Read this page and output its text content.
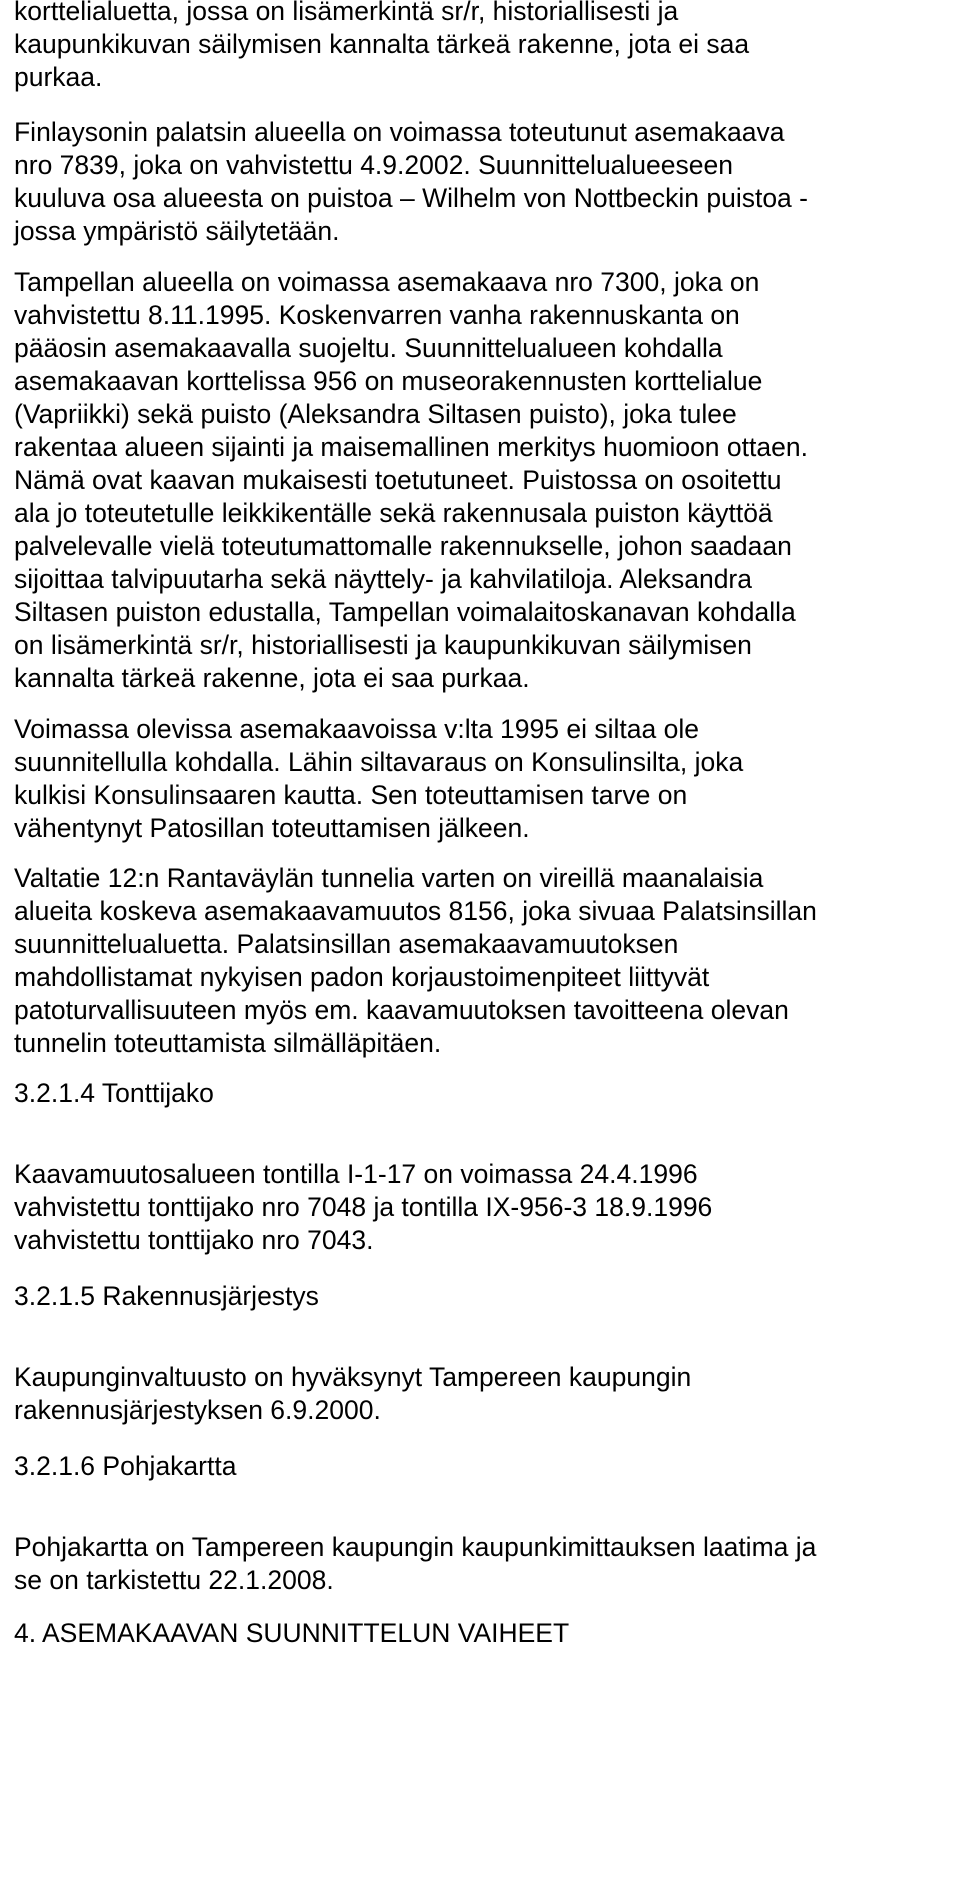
korttelialuetta, jossa on lisämerkintä sr/r, historiallisesti ja
kaupunkikuvan säilymisen kannalta tärkeä rakenne, jota ei saa
purkaa.
Finlaysonin palatsin alueella on voimassa toteutunut asemakaava
nro 7839, joka on vahvistettu 4.9.2002. Suunnittelualueeseen
kuuluva osa alueesta on puistoa – Wilhelm von Nottbeckin puistoa -
jossa ympäristö säilytetään.
Tampellan alueella on voimassa asemakaava nro 7300, joka on
vahvistettu 8.11.1995. Koskenvarren vanha rakennuskanta on
pääosin asemakaavalla suojeltu. Suunnittelualueen kohdalla
asemakaavan korttelissa 956 on museorakennusten korttelialue
(Vapriikki) sekä puisto (Aleksandra Siltasen puisto), joka tulee
rakentaa alueen sijainti ja maisemallinen merkitys huomioon ottaen.
Nämä ovat kaavan mukaisesti toetutuneet. Puistossa on osoitettu
ala jo toteutetulle leikkikentälle sekä rakennusala puiston käyttöä
palvelevalle vielä toteutumattomalle rakennukselle, johon saadaan
sijoittaa talvipuutarha sekä näyttely- ja kahvilatiloja. Aleksandra
Siltasen puiston edustalla, Tampellan voimalaitoskanavan kohdalla
on lisämerkintä sr/r, historiallisesti ja kaupunkikuvan säilymisen
kannalta tärkeä rakenne, jota ei saa purkaa.
Voimassa olevissa asemakaavoissa v:lta 1995 ei siltaa ole
suunnitellulla kohdalla. Lähin siltavaraus on Konsulinsilta, joka
kulkisi Konsulinsaaren kautta. Sen toteuttamisen tarve on
vähentynyt Patosillan toteuttamisen jälkeen.
Valtatie 12:n Rantaväylän tunnelia varten on vireillä maanalaisia
alueita koskeva asemakaavamuutos 8156, joka sivuaa Palatsinsillan
suunnittelualuetta. Palatsinsillan asemakaavamuutoksen
mahdollistamat nykyisen padon korjaustoimenpiteet liittyvät
patoturvallisuuteen myös em. kaavamuutoksen tavoitteena olevan
tunnelin toteuttamista silmälläpitäen.
3.2.1.4 Tonttijako
Kaavamuutosalueen tontilla I-1-17 on voimassa 24.4.1996
vahvistettu tonttijako nro 7048 ja tontilla IX-956-3 18.9.1996
vahvistettu tonttijako nro 7043.
3.2.1.5 Rakennusjärjestys
Kaupunginvaltuusto on hyväksynyt Tampereen kaupungin
rakennusjärjestyksen 6.9.2000.
3.2.1.6 Pohjakartta
Pohjakartta on Tampereen kaupungin kaupunkimittauksen laatima ja
se on tarkistettu 22.1.2008.
4. ASEMAKAAVAN SUUNNITTELUN VAIHEET
